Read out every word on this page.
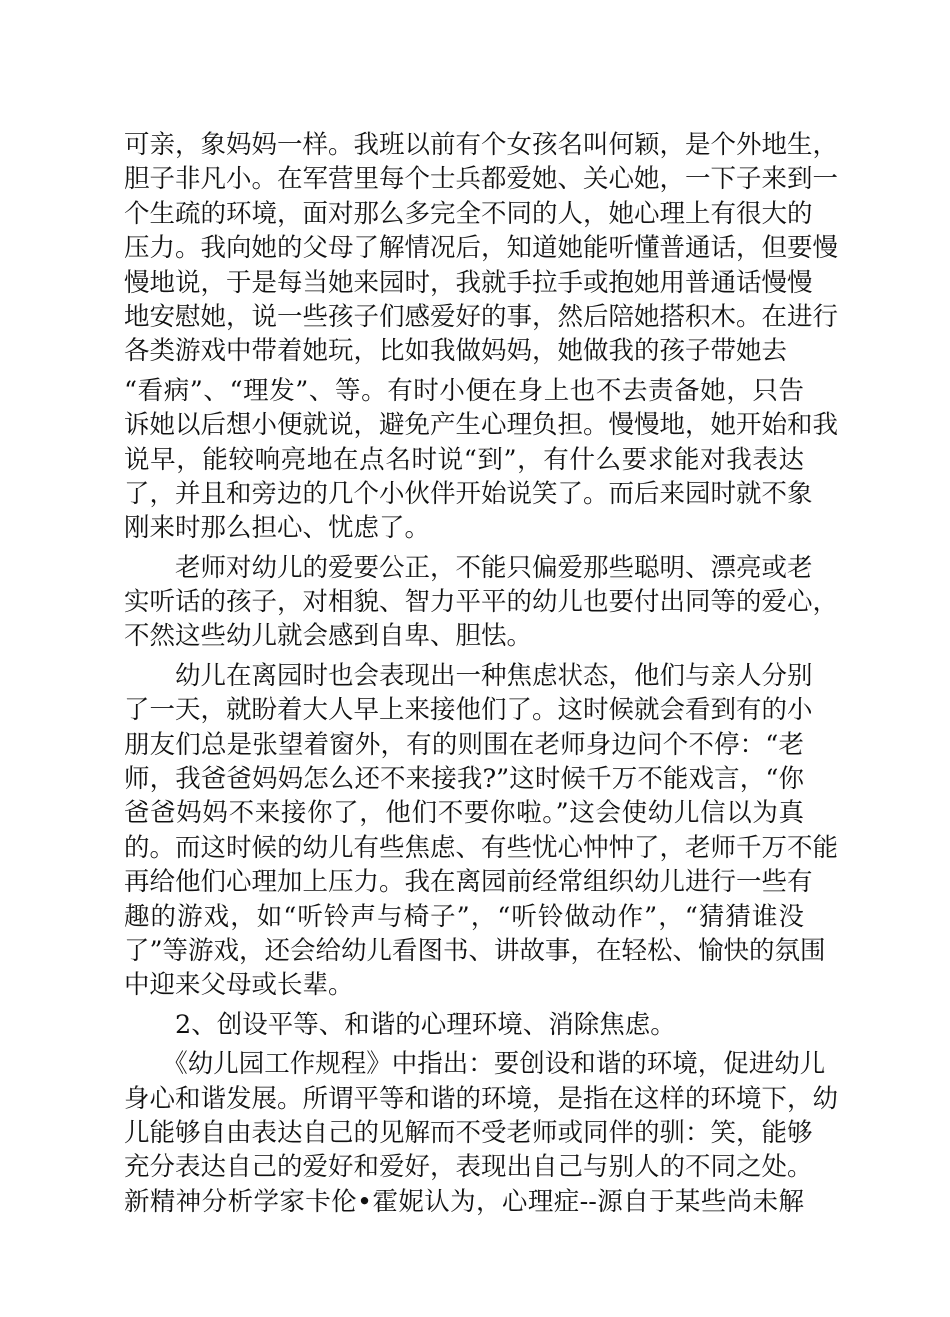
可亲，象妈妈一样。我班以前有个女孩名叫何颖，是个外地生，
胆子非凡小。在军营里每个士兵都爱她、关心她，一下子来到一
个生疏的环境，面对那么多完全不同的人，她心理上有很大的
压力。我向她的父母了解情况后，知道她能听懂普通话，但要慢
慢地说，于是每当她来园时，我就手拉手或抱她用普通话慢慢
地安慰她，说一些孩子们感爱好的事，然后陪她搭积木。在进行
各类游戏中带着她玩，比如我做妈妈，她做我的孩子带她去
“看病”、“理发”、等。有时小便在身上也不去责备她，只告
诉她以后想小便就说，避免产生心理负担。慢慢地，她开始和我
说早，能较响亮地在点名时说“到”，有什么要求能对我表达
了，并且和旁边的几个小伙伴开始说笑了。而后来园时就不象
刚来时那么担心、忧虑了。
　　老师对幼儿的爱要公正，不能只偏爱那些聪明、漂亮或老
实听话的孩子，对相貌、智力平平的幼儿也要付出同等的爱心，
不然这些幼儿就会感到自卑、胆怯。
　　幼儿在离园时也会表现出一种焦虑状态，他们与亲人分别
了一天，就盼着大人早上来接他们了。这时候就会看到有的小
朋友们总是张望着窗外，有的则围在老师身边问个不停：“老
师，我爸爸妈妈怎么还不来接我?”这时候千万不能戏言，“你
爸爸妈妈不来接你了，他们不要你啦。”这会使幼儿信以为真
的。而这时候的幼儿有些焦虑、有些忧心忡忡了，老师千万不能
再给他们心理加上压力。我在离园前经常组织幼儿进行一些有
趣的游戏，如“听铃声与椅子”，“听铃做动作”，“猜猜谁没
了”等游戏，还会给幼儿看图书、讲故事，在轻松、愉快的氛围
中迎来父母或长辈。
　　2、创设平等、和谐的心理环境、消除焦虑。
　　《幼儿园工作规程》中指出：要创设和谐的环境，促进幼儿
身心和谐发展。所谓平等和谐的环境，是指在这样的环境下，幼
儿能够自由表达自己的见解而不受老师或同伴的驯：笑，能够
充分表达自己的爱好和爱好，表现出自己与别人的不同之处。
新精神分析学家卡伦•霍妮认为，心理症--源自于某些尚未解
